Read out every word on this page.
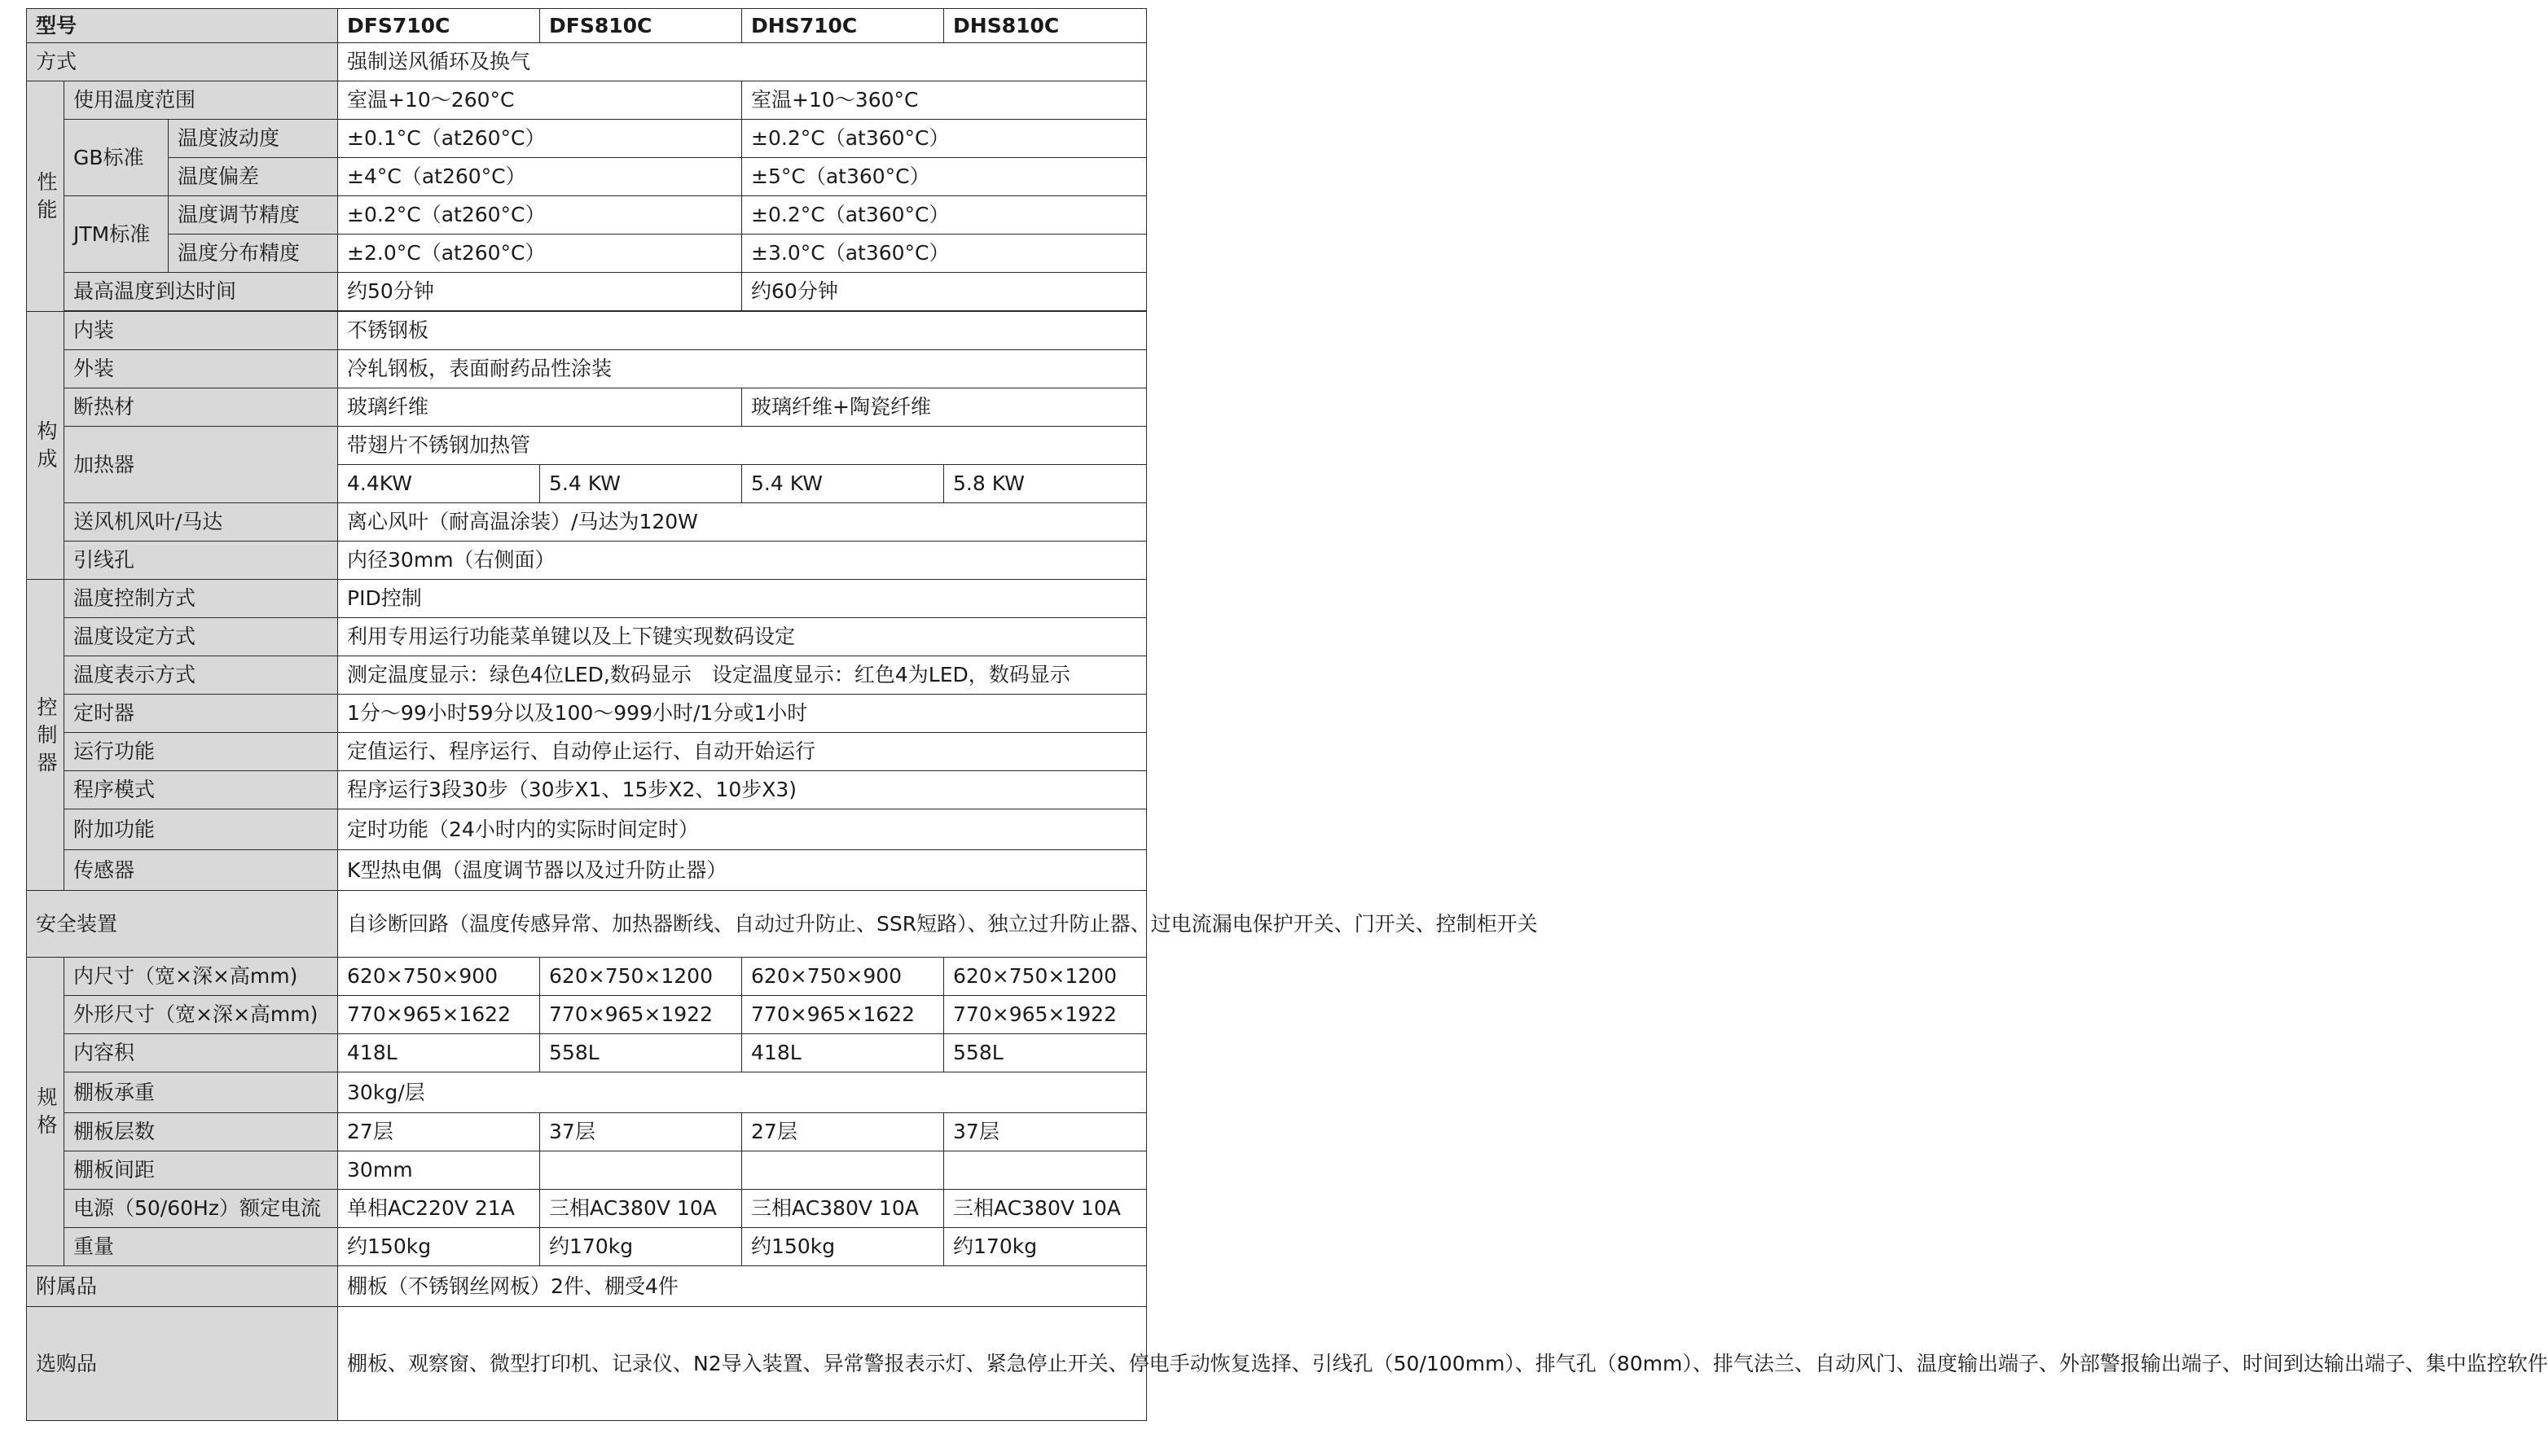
型号			DFS710C	DFS810C	DHS710C	DHS810C
方式			强制送风循环及换气			
性能	使用温度范围		室温+10～260°C		室温+10～360°C	
	GB标准	温度波动度	±0.1°C（at260°C）		±0.2°C（at360°C）	
		温度偏差	±4°C（at260°C）		±5°C（at360°C）	
	JTM标准	温度调节精度	±0.2°C（at260°C）		±0.2°C（at360°C）	
		温度分布精度	±2.0°C（at260°C）		±3.0°C（at360°C）	
	最高温度到达时间		约50分钟		约60分钟	

构成	内装		不锈钢板			
	外装		冷轧钢板，表面耐药品性涂装			
	断热材		玻璃纤维		玻璃纤维+陶瓷纤维	
	加热器		带翅片不锈钢加热管			
			4.4KW	5.4 KW	5.4 KW	5.8 KW
	送风机风叶/马达		离心风叶（耐高温涂装）/马达为120W			
	引线孔		内径30mm（右侧面）			
控制器	温度控制方式		PID控制			
	温度设定方式		利用专用运行功能菜单键以及上下键实现数码设定			
	温度表示方式		测定温度显示：绿色4位LED,数码显示　设定温度显示：红色4为LED，数码显示			
	定时器		1分～99小时59分以及100～999小时/1分或1小时			
	运行功能		定值运行、程序运行、自动停止运行、自动开始运行			
	程序模式		程序运行3段30步（30步X1、15步X2、10步X3)			
	附加功能		定时功能（24小时内的实际时间定时）			
	传感器		K型热电偶（温度调节器以及过升防止器）			
安全装置			自诊断回路（温度传感异常、加热器断线、自动过升防止、SSR短路）、独立过升防止器、过电流漏电保护开关、门开关、控制柜开关			
规格	内尺寸（宽×深×高mm)		620×750×900	620×750×1200	620×750×900	620×750×1200
	外形尺寸（宽×深×高mm)		770×965×1622	770×965×1922	770×965×1622	770×965×1922
	内容积		418L	558L	418L	558L
	棚板承重		30kg/层			
	棚板层数		27层	37层	27层	37层
	棚板间距		30mm			
	电源（50/60Hz）额定电流		单相AC220V 21A	三相AC380V 10A	三相AC380V 10A	三相AC380V 10A
	重量		约150kg	约170kg	约150kg	约170kg
附属品			棚板（不锈钢丝网板）2件、棚受4件			
选购品			棚板、观察窗、微型打印机、记录仪、N2导入装置、异常警报表示灯、紧急停止开关、停电手动恢复选择、引线孔（50/100mm）、排气孔（80mm）、排气法兰、自动风门、温度输出端子、外部警报输出端子、时间到达输出端子、集中监控软件			
